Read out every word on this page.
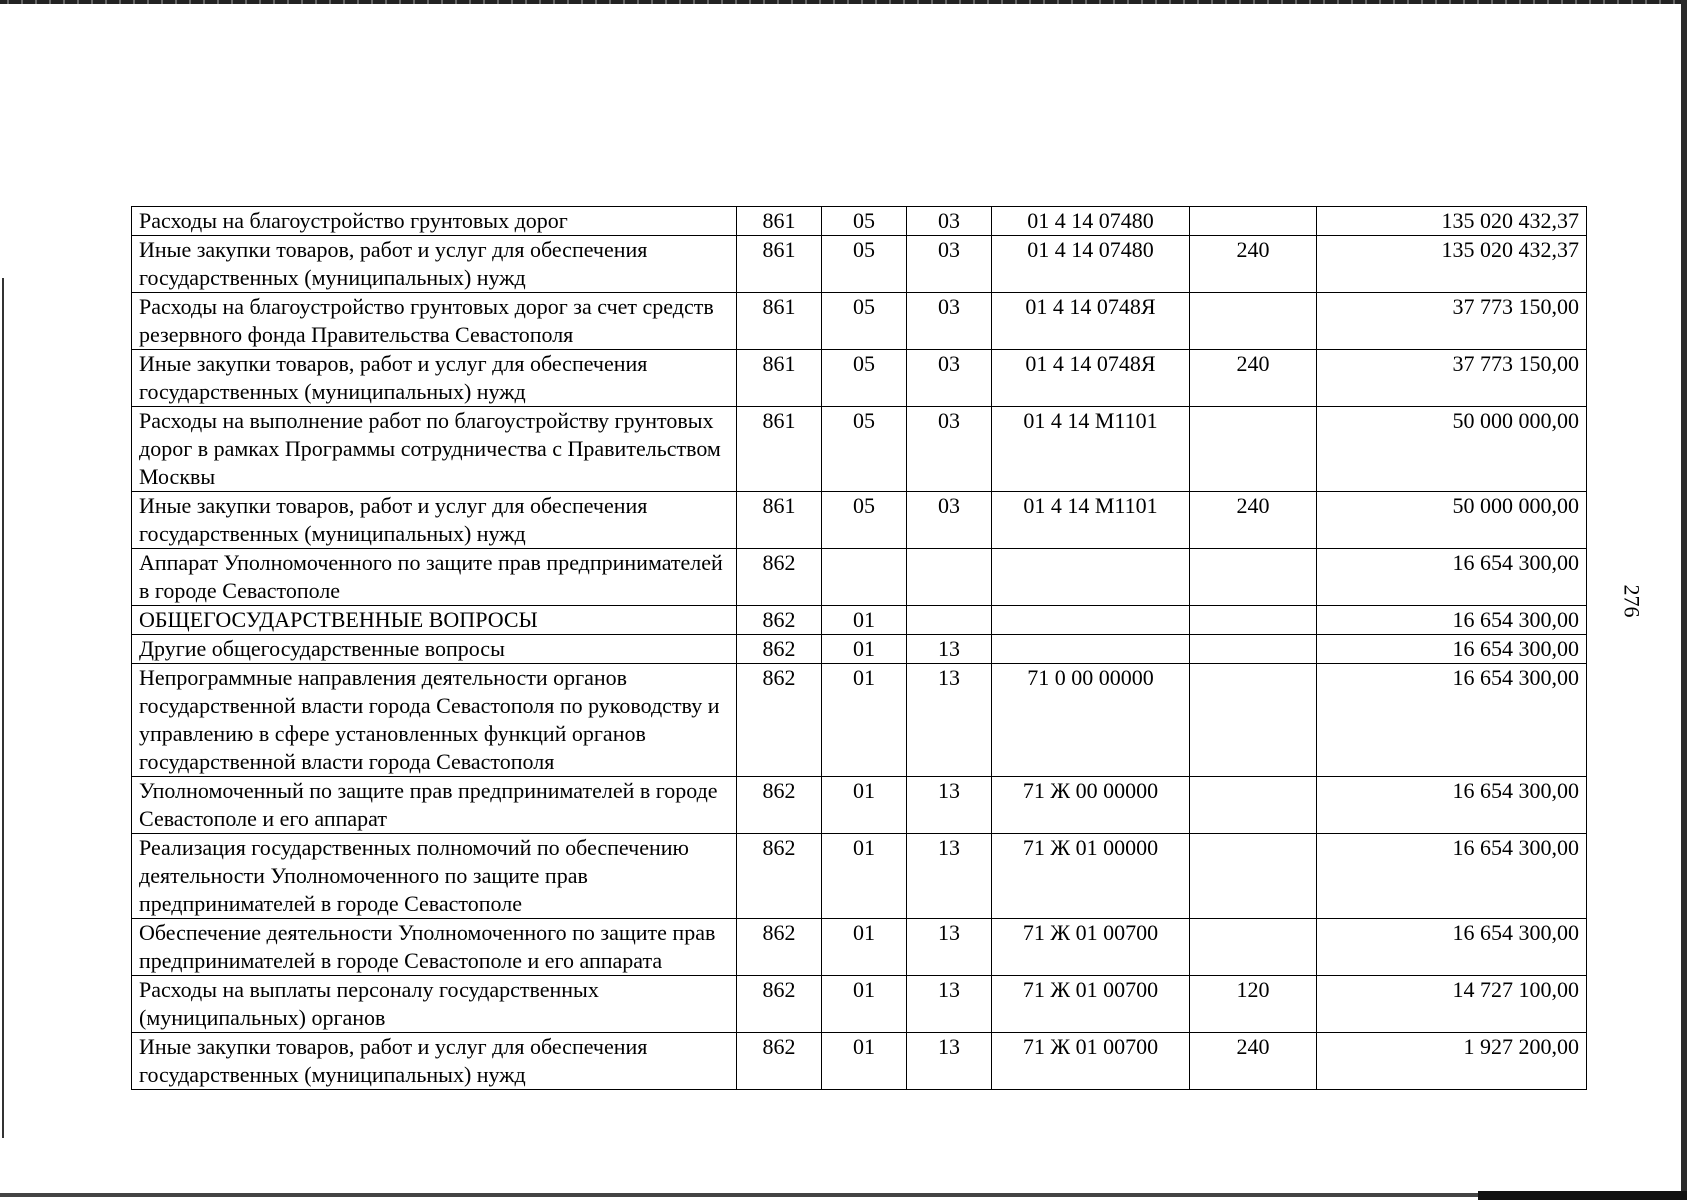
276
Расходы на благоустройство грунтовых дорог	861	05	03	01 4 14 07480		135 020 432,37
Иные закупки товаров, работ и услуг для обеспечения государственных (муниципальных) нужд	861	05	03	01 4 14 07480	240	135 020 432,37
Расходы на благоустройство грунтовых дорог за счет средств резервного фонда Правительства Севастополя	861	05	03	01 4 14 0748Я		37 773 150,00
Иные закупки товаров, работ и услуг для обеспечения государственных (муниципальных) нужд	861	05	03	01 4 14 0748Я	240	37 773 150,00
Расходы на выполнение работ по благоустройству грунтовых дорог в рамках Программы сотрудничества с Правительством Москвы	861	05	03	01 4 14 M1101		50 000 000,00
Иные закупки товаров, работ и услуг для обеспечения государственных (муниципальных) нужд	861	05	03	01 4 14 M1101	240	50 000 000,00
Аппарат Уполномоченного по защите прав предпринимателей в городе Севастополе	862					16 654 300,00
ОБЩЕГОСУДАРСТВЕННЫЕ ВОПРОСЫ	862	01				16 654 300,00
Другие общегосударственные вопросы	862	01	13			16 654 300,00
Непрограммные направления деятельности органов государственной власти города Севастополя по руководству и управлению в сфере установленных функций органов государственной власти города Севастополя	862	01	13	71 0 00 00000		16 654 300,00
Уполномоченный по защите прав предпринимателей в городе Севастополе и его аппарат	862	01	13	71 Ж 00 00000		16 654 300,00
Реализация государственных полномочий по обеспечению деятельности Уполномоченного по защите прав предпринимателей в городе Севастополе	862	01	13	71 Ж 01 00000		16 654 300,00
Обеспечение деятельности Уполномоченного по защите прав предпринимателей в городе Севастополе и его аппарата	862	01	13	71 Ж 01 00700		16 654 300,00
Расходы на выплаты персоналу государственных (муниципальных) органов	862	01	13	71 Ж 01 00700	120	14 727 100,00
Иные закупки товаров, работ и услуг для обеспечения государственных (муниципальных) нужд	862	01	13	71 Ж 01 00700	240	1 927 200,00
